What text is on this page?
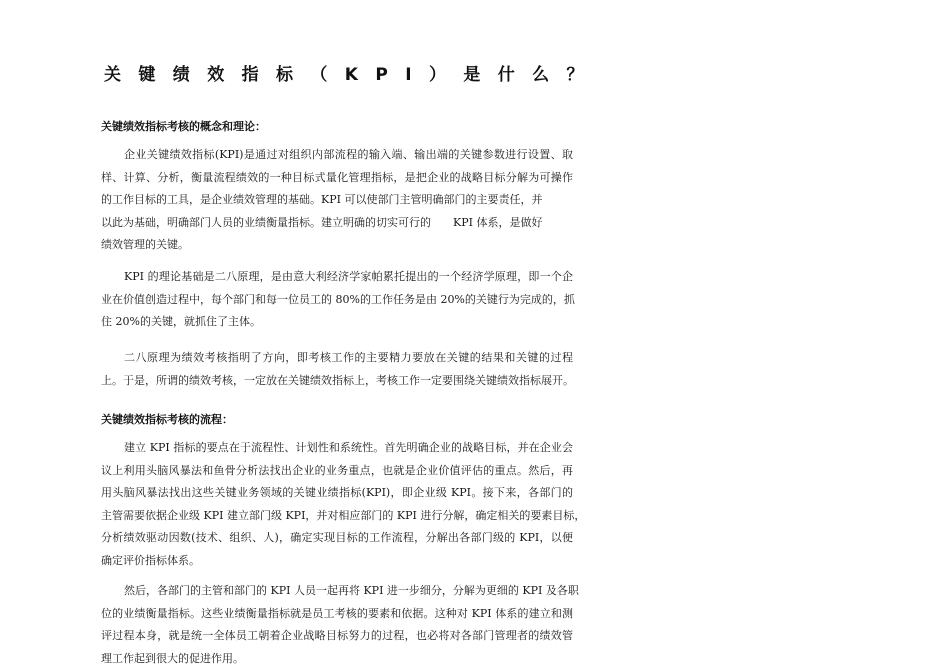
关键绩效指标（KPI）是什么？
关键绩效指标考核的概念和理论：
企业关键绩效指标(KPI)是通过对组织内部流程的输入端、输出端的关键参数进行设置、取
样、计算、分析，衡量流程绩效的一种目标式量化管理指标，是把企业的战略目标分解为可操作
的工作目标的工具，是企业绩效管理的基础。KPI 可以使部门主管明确部门的主要责任，并
以此为基础，明确部门人员的业绩衡量指标。建立明确的切实可行的　　KPI 体系，是做好
绩效管理的关键。
KPI 的理论基础是二八原理，是由意大利经济学家帕累托提出的一个经济学原理，即一个企
业在价值创造过程中，每个部门和每一位员工的 80%的工作任务是由 20%的关键行为完成的，抓
住 20%的关键，就抓住了主体。
二八原理为绩效考核指明了方向，即考核工作的主要精力要放在关键的结果和关键的过程
上。于是，所谓的绩效考核，一定放在关键绩效指标上，考核工作一定要围绕关键绩效指标展开。
关键绩效指标考核的流程：
建立 KPI 指标的要点在于流程性、计划性和系统性。首先明确企业的战略目标，并在企业会
议上利用头脑风暴法和鱼骨分析法找出企业的业务重点，也就是企业价值评估的重点。然后，再
用头脑风暴法找出这些关键业务领域的关键业绩指标(KPI)，即企业级 KPI。接下来，各部门的
主管需要依据企业级 KPI 建立部门级 KPI，并对相应部门的 KPI 进行分解，确定相关的要素目标，
分析绩效驱动因数(技术、组织、人)，确定实现目标的工作流程，分解出各部门级的 KPI，以便
确定评价指标体系。
然后，各部门的主管和部门的 KPI 人员一起再将 KPI 进一步细分，分解为更细的 KPI 及各职
位的业绩衡量指标。这些业绩衡量指标就是员工考核的要素和依据。这种对 KPI 体系的建立和测
评过程本身，就是统一全体员工朝着企业战略目标努力的过程，也必将对各部门管理者的绩效管
理工作起到很大的促进作用。
